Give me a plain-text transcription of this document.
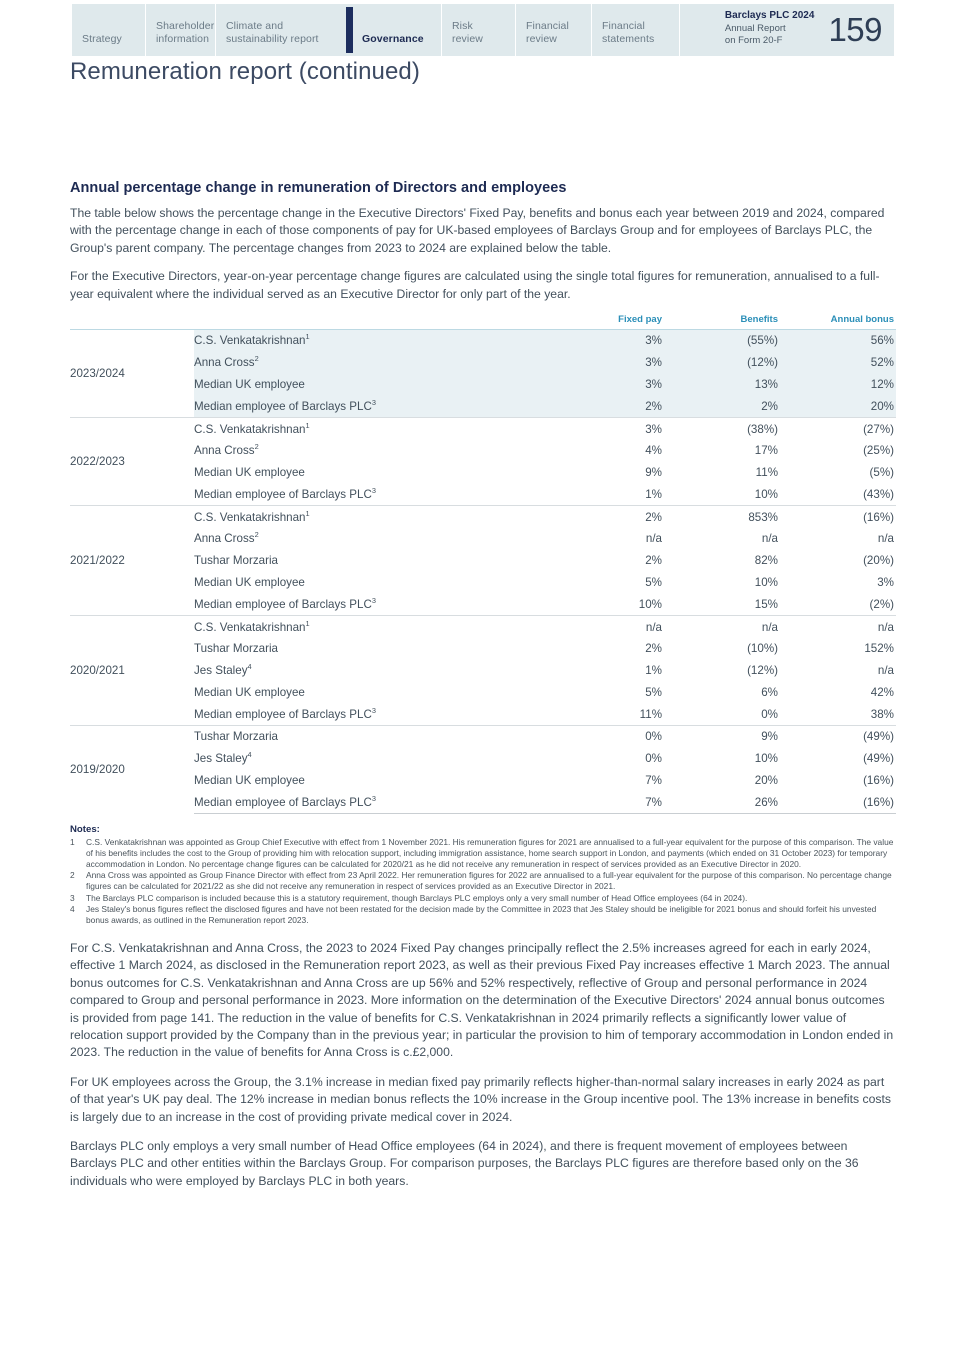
Strategy
Shareholder
information
Climate and
sustainability report	Governance
Risk
review
Financial
review
Financial
statements
Barclays PLC 2024
Annual Report
on Form 20-F	159
Remuneration report (continued)
Annual percentage change in remuneration of Directors and employees

The table below shows the percentage change in the Executive Directors' Fixed Pay, benefits and bonus each year between 2019 and 2024, compared with the percentage change in each of those components of pay for UK-based employees of Barclays Group and for employees of Barclays PLC, the Group's parent company. The percentage changes from 2023 to 2024 are explained below the table.

For the Executive Directors, year-on-year percentage change figures are calculated using the single total figures for remuneration, annualised to a full-year equivalent where the individual served as an Executive Director for only part of the year.

		Fixed pay	Benefits	Annual bonus
2023/2024	C.S. Venkatakrishnan$^1$	3%	(55%)	56%
	Anna Cross$^2$	3%	(12%)	52%
	Median UK employee	3%	13%	12%
	Median employee of Barclays PLC$^3$	2%	2%	20%
2022/2023	C.S. Venkatakrishnan$^1$	3%	(38%)	(27%)
	Anna Cross$^2$	4%	17%	(25%)
	Median UK employee	9%	11%	(5%)
	Median employee of Barclays PLC$^3$	1%	10%	(43%)
2021/2022	C.S. Venkatakrishnan$^1$	2%	853%	(16%)
	Anna Cross$^2$	n/a	n/a	n/a
	Tushar Morzaria	2%	82%	(20%)
	Median UK employee	5%	10%	3%
	Median employee of Barclays PLC$^3$	10%	15%	(2%)
2020/2021	C.S. Venkatakrishnan$^1$	n/a	n/a	n/a
	Tushar Morzaria	2%	(10%)	152%
	Jes Staley$^4$	1%	(12%)	n/a
	Median UK employee	5%	6%	42%
	Median employee of Barclays PLC$^3$	11%	0%	38%
2019/2020	Tushar Morzaria	0%	9%	(49%)
	Jes Staley$^4$	0%	10%	(49%)
	Median UK employee	7%	20%	(16%)
	Median employee of Barclays PLC$^3$	7%	26%	(16%)
Notes:
1	C.S. Venkatakrishnan was appointed as Group Chief Executive with effect from 1 November 2021. His remuneration figures for 2021 are annualised to a full-year equivalent for the purpose of this comparison. The value of his benefits includes the cost to the Group of providing him with relocation support, including immigration assistance, home search support in London, and payments (which ended on 31 October 2023) for temporary accommodation in London. No percentage change figures can be calculated for 2020/21 as he did not receive any remuneration in respect of services provided as an Executive Director in 2020.
2	Anna Cross was appointed as Group Finance Director with effect from 23 April 2022. Her remuneration figures for 2022 are annualised to a full-year equivalent for the purpose of this comparison. No percentage change figures can be calculated for 2021/22 as she did not receive any remuneration in respect of services provided as an Executive Director in 2021.
3	The Barclays PLC comparison is included because this is a statutory requirement, though Barclays PLC employs only a very small number of Head Office employees (64 in 2024).
4	Jes Staley's bonus figures reflect the disclosed figures and have not been restated for the decision made by the Committee in 2023 that Jes Staley should be ineligible for 2021 bonus and should forfeit his unvested bonus awards, as outlined in the Remuneration report 2023.

For C.S. Venkatakrishnan and Anna Cross, the 2023 to 2024 Fixed Pay changes principally reflect the 2.5% increases agreed for each in early 2024, effective 1 March 2024, as disclosed in the Remuneration report 2023, as well as their previous Fixed Pay increases effective 1 March 2023. The annual bonus outcomes for C.S. Venkatakrishnan and Anna Cross are up 56% and 52% respectively, reflective of Group and personal performance in 2024 compared to Group and personal performance in 2023. More information on the determination of the Executive Directors' 2024 annual bonus outcomes is provided from page 141. The reduction in the value of benefits for C.S. Venkatakrishnan in 2024 primarily reflects a significantly lower value of relocation support provided by the Company than in the previous year; in particular the provision to him of temporary accommodation in London ended in 2023. The reduction in the value of benefits for Anna Cross is c.£2,000.

For UK employees across the Group, the 3.1% increase in median fixed pay primarily reflects higher-than-normal salary increases in early 2024 as part of that year's UK pay deal. The 12% increase in median bonus reflects the 10% increase in the Group incentive pool. The 13% increase in benefits costs is largely due to an increase in the cost of providing private medical cover in 2024.

Barclays PLC only employs a very small number of Head Office employees (64 in 2024), and there is frequent movement of employees between Barclays PLC and other entities within the Barclays Group. For comparison purposes, the Barclays PLC figures are therefore based only on the 36 individuals who were employed by Barclays PLC in both years.
